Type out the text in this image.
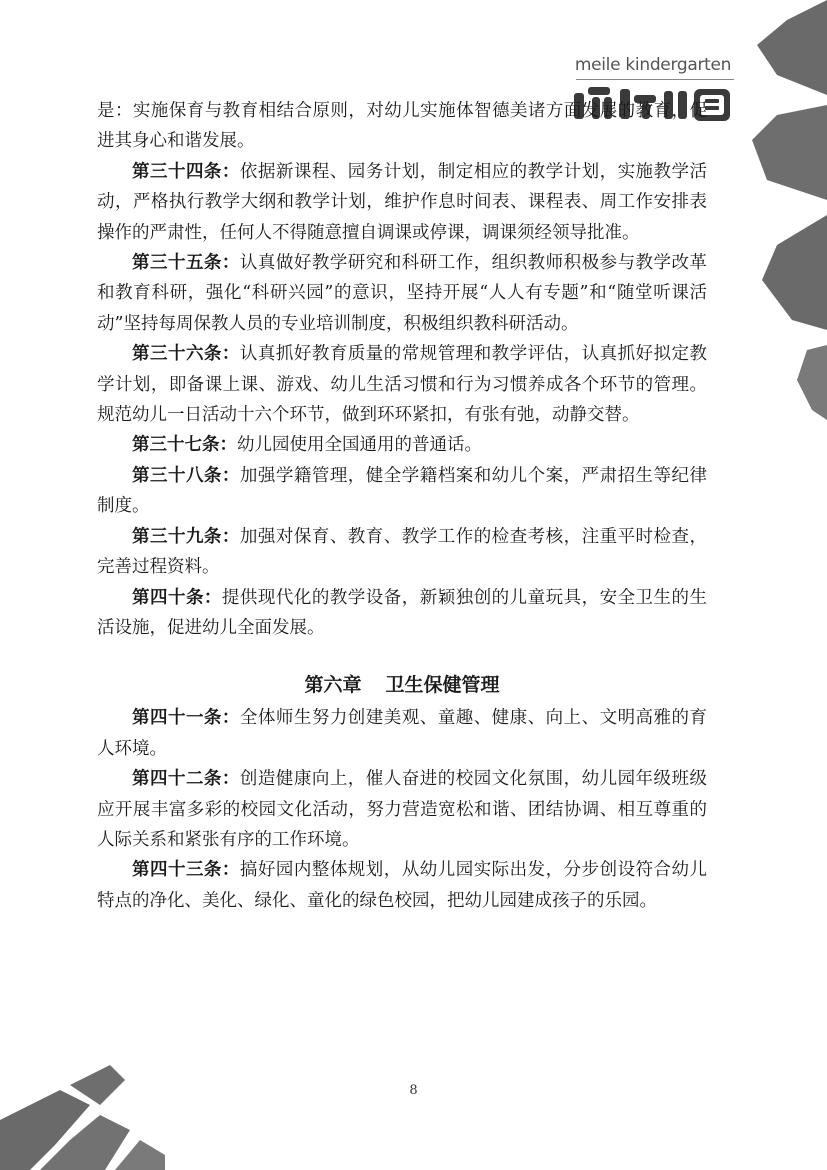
meile kindergarten

是：实施保育与教育相结合原则，对幼儿实施体智德美诸方面发展的教育，促进其身心和谐发展。

第三十四条：依据新课程、园务计划，制定相应的教学计划，实施教学活动，严格执行教学大纲和教学计划，维护作息时间表、课程表、周工作安排表操作的严肃性，任何人不得随意擅自调课或停课，调课须经领导批准。

第三十五条：认真做好教学研究和科研工作，组织教师积极参与教学改革和教育科研，强化“科研兴园”的意识，坚持开展“人人有专题”和“随堂听课活动”坚持每周保教人员的专业培训制度，积极组织教科研活动。

第三十六条：认真抓好教育质量的常规管理和教学评估，认真抓好拟定教学计划，即备课上课、游戏、幼儿生活习惯和行为习惯养成各个环节的管理。规范幼儿一日活动十六个环节，做到环环紧扣，有张有弛，动静交替。

第三十七条：幼儿园使用全国通用的普通话。

第三十八条：加强学籍管理，健全学籍档案和幼儿个案，严肃招生等纪律制度。

第三十九条：加强对保育、教育、教学工作的检查考核，注重平时检查，完善过程资料。

第四十条：提供现代化的教学设备，新颖独创的儿童玩具，安全卫生的生活设施，促进幼儿全面发展。

第六章 卫生保健管理

第四十一条：全体师生努力创建美观、童趣、健康、向上、文明高雅的育人环境。

第四十二条：创造健康向上，催人奋进的校园文化氛围，幼儿园年级班级应开展丰富多彩的校园文化活动，努力营造宽松和谐、团结协调、相互尊重的人际关系和紧张有序的工作环境。

第四十三条：搞好园内整体规划，从幼儿园实际出发，分步创设符合幼儿特点的净化、美化、绿化、童化的绿色校园，把幼儿园建成孩子的乐园。

8
